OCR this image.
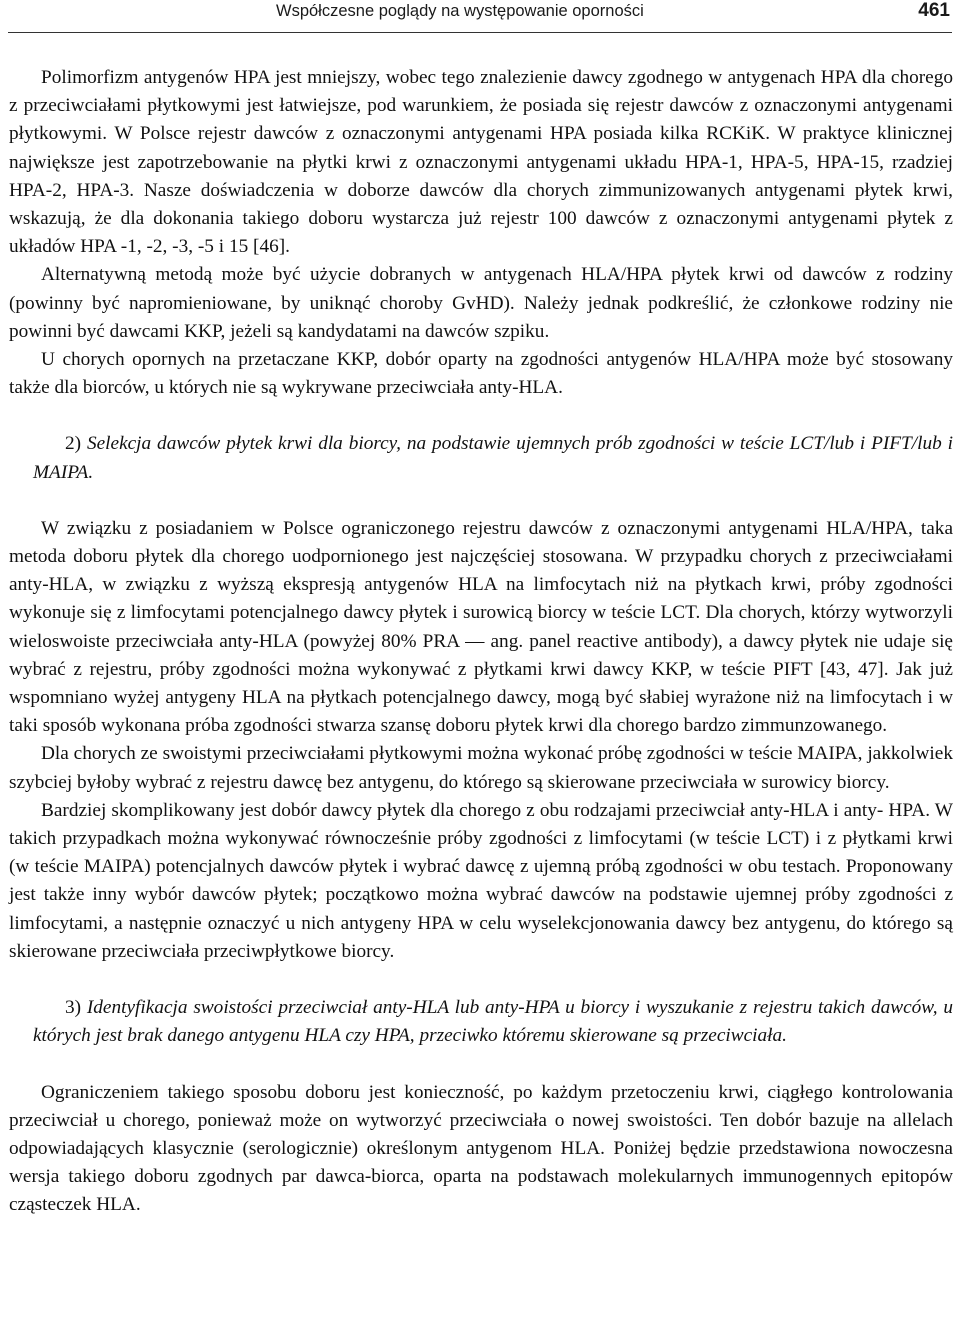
Współczesne poglądy na występowanie oporności	461

Polimorfizm antygenów HPA jest mniejszy, wobec tego znalezienie dawcy zgodnego w antygenach HPA dla chorego z przeciwciałami płytkowymi jest łatwiejsze, pod warunkiem, że posiada się rejestr dawców z oznaczonymi antygenami płytkowymi. W Polsce rejestr dawców z oznaczonymi antygenami HPA posiada kilka RCKiK. W praktyce klinicznej największe jest zapotrzebowanie na płytki krwi z oznaczonymi antygenami układu HPA-1, HPA-5, HPA-15, rzadziej HPA-2, HPA-3. Nasze doświadczenia w doborze dawców dla chorych zimmunizowanych antygenami płytek krwi, wskazują, że dla dokonania takiego doboru wystarcza już rejestr 100 dawców z oznaczonymi antygenami płytek z układów HPA -1, -2, -3, -5 i 15 [46].

Alternatywną metodą może być użycie dobranych w antygenach HLA/HPA płytek krwi od dawców z rodziny (powinny być napromieniowane, by uniknąć choroby GvHD). Należy jednak podkreślić, że członkowe rodziny nie powinni być dawcami KKP, jeżeli są kandydatami na dawców szpiku.

U chorych opornych na przetaczane KKP, dobór oparty na zgodności antygenów HLA/HPA może być stosowany także dla biorców, u których nie są wykrywane przeciwciała anty-HLA.

2) Selekcja dawców płytek krwi dla biorcy, na podstawie ujemnych prób zgodności w teście LCT/lub i PIFT/lub i MAIPA.

W związku z posiadaniem w Polsce ograniczonego rejestru dawców z oznaczonymi antygenami HLA/HPA, taka metoda doboru płytek dla chorego uodpornionego jest najczęściej stosowana. W przypadku chorych z przeciwciałami anty-HLA, w związku z wyższą ekspresją antygenów HLA na limfocytach niż na płytkach krwi, próby zgodności wykonuje się z limfocytami potencjalnego dawcy płytek i surowicą biorcy w teście LCT. Dla chorych, którzy wytworzyli wieloswoiste przeciwciała anty-HLA (powyżej 80% PRA — ang. panel reactive antibody), a dawcy płytek nie udaje się wybrać z rejestru, próby zgodności można wykonywać z płytkami krwi dawcy KKP, w teście PIFT [43, 47]. Jak już wspomniano wyżej antygeny HLA na płytkach potencjalnego dawcy, mogą być słabiej wyrażone niż na limfocytach i w taki sposób wykonana próba zgodności stwarza szansę doboru płytek krwi dla chorego bardzo zimmunzowanego.

Dla chorych ze swoistymi przeciwciałami płytkowymi można wykonać próbę zgodności w teście MAIPA, jakkolwiek szybciej byłoby wybrać z rejestru dawcę bez antygenu, do którego są skierowane przeciwciała w surowicy biorcy.

Bardziej skomplikowany jest dobór dawcy płytek dla chorego z obu rodzajami przeciwciał anty-HLA i anty- HPA. W takich przypadkach można wykonywać równocześnie próby zgodności z limfocytami (w teście LCT) i z płytkami krwi (w teście MAIPA) potencjalnych dawców płytek i wybrać dawcę z ujemną próbą zgodności w obu testach. Proponowany jest także inny wybór dawców płytek; początkowo można wybrać dawców na podstawie ujemnej próby zgodności z limfocytami, a następnie oznaczyć u nich antygeny HPA w celu wyselekcjonowania dawcy bez antygenu, do którego są skierowane przeciwciała przeciwpłytkowe biorcy.

3) Identyfikacja swoistości przeciwciał anty-HLA lub anty-HPA u biorcy i wyszukanie z rejestru takich dawców, u których jest brak danego antygenu HLA czy HPA, przeciwko któremu skierowane są przeciwciała.

Ograniczeniem takiego sposobu doboru jest konieczność, po każdym przetoczeniu krwi, ciągłego kontrolowania przeciwciał u chorego, ponieważ może on wytworzyć przeciwciała o nowej swoistości. Ten dobór bazuje na allelach odpowiadających klasycznie (serologicznie) określonym antygenom HLA. Poniżej będzie przedstawiona nowoczesna wersja takiego doboru zgodnych par dawca-biorca, oparta na podstawach molekularnych immunogennych epitopów cząsteczek HLA.
